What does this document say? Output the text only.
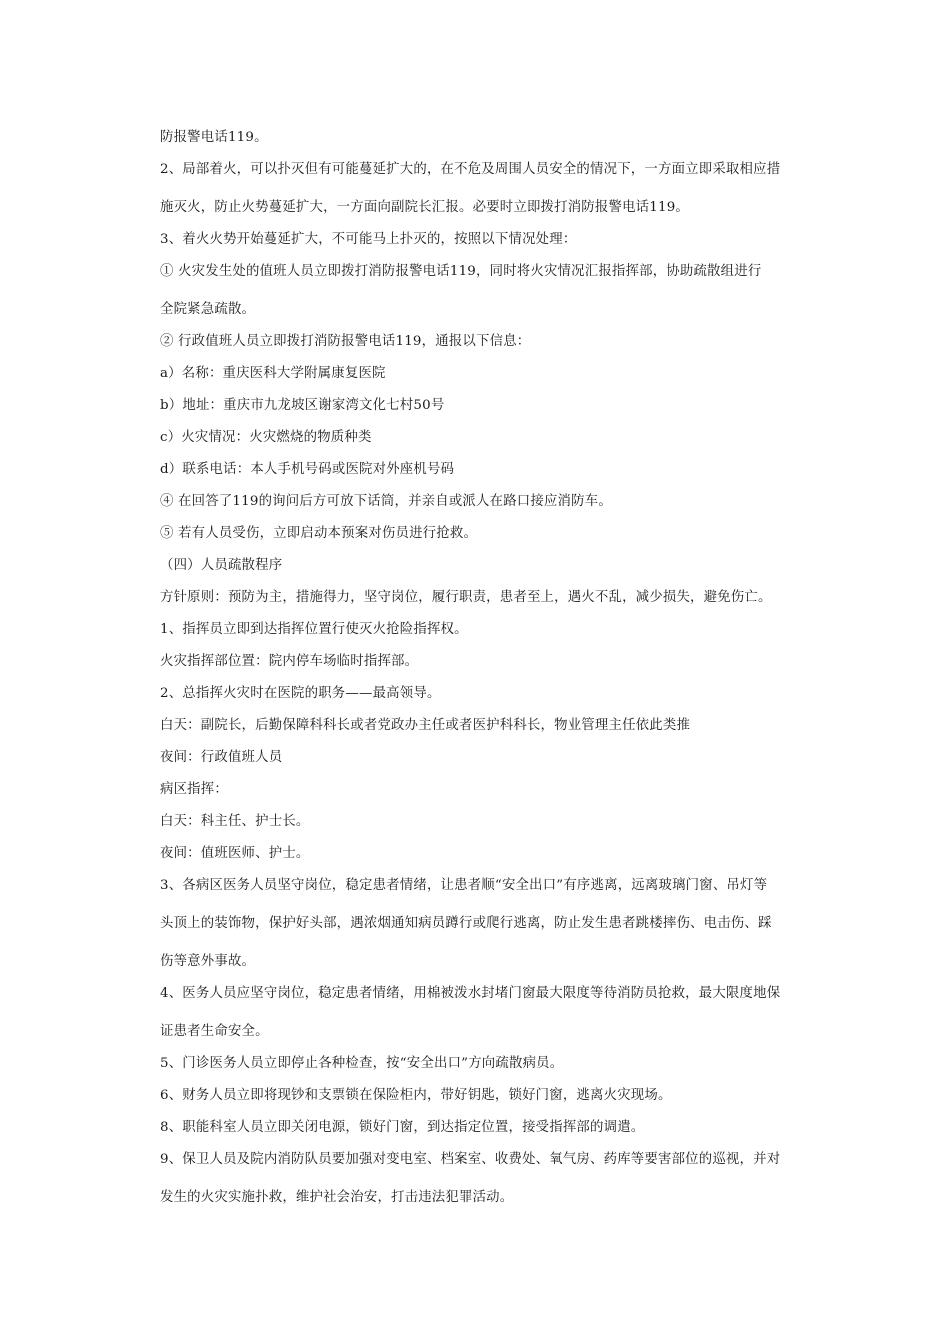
防报警电话119。
2、局部着火，可以扑灭但有可能蔓延扩大的，在不危及周围人员安全的情况下，一方面立即采取相应措
施灭火，防止火势蔓延扩大，一方面向副院长汇报。必要时立即拨打消防报警电话119。
3、着火火势开始蔓延扩大，不可能马上扑灭的，按照以下情况处理：
① 火灾发生处的值班人员立即拨打消防报警电话119，同时将火灾情况汇报指挥部，协助疏散组进行
全院紧急疏散。
② 行政值班人员立即拨打消防报警电话119，通报以下信息：
a）名称：重庆医科大学附属康复医院
b）地址：重庆市九龙坡区谢家湾文化七村50号
c）火灾情况：火灾燃烧的物质种类
d）联系电话：本人手机号码或医院对外座机号码
④ 在回答了119的询问后方可放下话筒，并亲自或派人在路口接应消防车。
⑤ 若有人员受伤，立即启动本预案对伤员进行抢救。
（四）人员疏散程序
方针原则：预防为主，措施得力，坚守岗位，履行职责，患者至上，遇火不乱，减少损失，避免伤亡。
1、指挥员立即到达指挥位置行使灭火抢险指挥权。
火灾指挥部位置：院内停车场临时指挥部。
2、总指挥火灾时在医院的职务——最高领导。
白天：副院长，后勤保障科科长或者党政办主任或者医护科科长，物业管理主任依此类推
夜间：行政值班人员
病区指挥：
白天：科主任、护士长。
夜间：值班医师、护士。
3、各病区医务人员坚守岗位，稳定患者情绪，让患者顺“安全出口”有序逃离，远离玻璃门窗、吊灯等
头顶上的装饰物，保护好头部，遇浓烟通知病员蹲行或爬行逃离，防止发生患者跳楼摔伤、电击伤、踩
伤等意外事故。
4、医务人员应坚守岗位，稳定患者情绪，用棉被泼水封堵门窗最大限度等待消防员抢救，最大限度地保
证患者生命安全。
5、门诊医务人员立即停止各种检查，按“安全出口”方向疏散病员。
6、财务人员立即将现钞和支票锁在保险柜内，带好钥匙，锁好门窗，逃离火灾现场。
8、职能科室人员立即关闭电源，锁好门窗，到达指定位置，接受指挥部的调遣。
9、保卫人员及院内消防队员要加强对变电室、档案室、收费处、氧气房、药库等要害部位的巡视，并对
发生的火灾实施扑救，维护社会治安，打击违法犯罪活动。
